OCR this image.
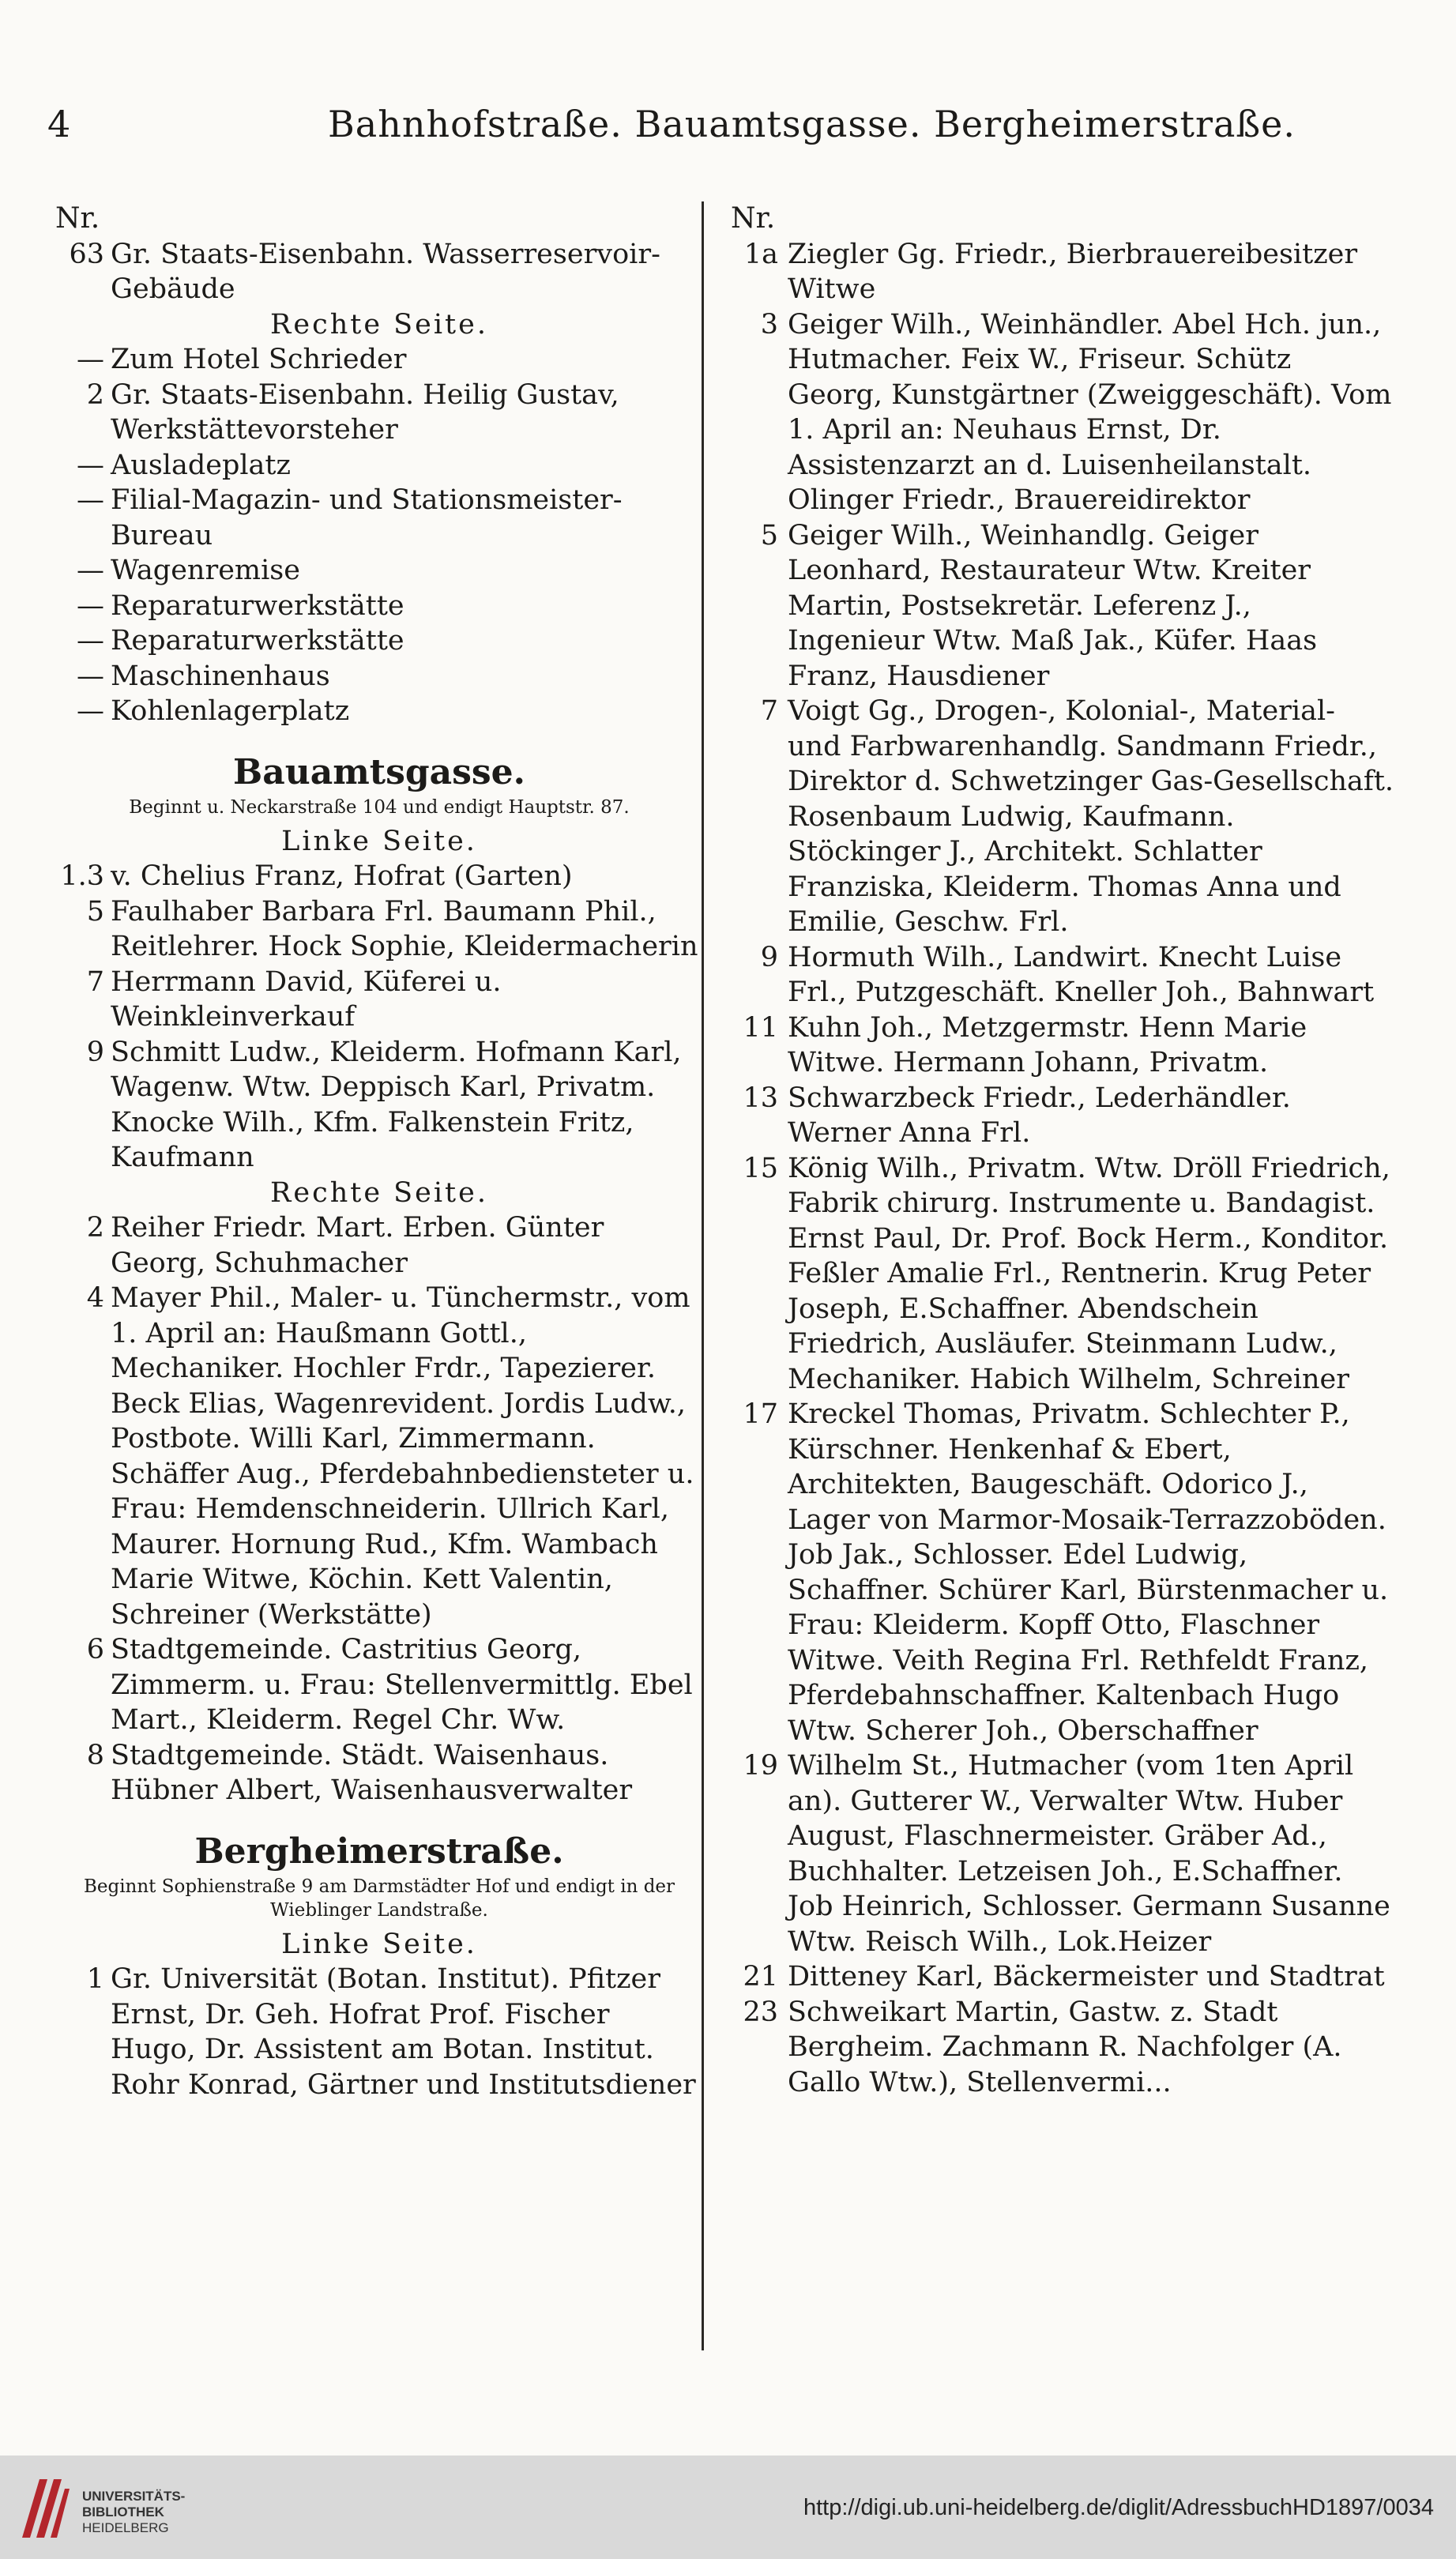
4	Bahnhofstraße. Bauamtsgasse. Bergheimerstraße.
Nr.
63 Gr. Staats-Eisenbahn. Wasserreservoir-Gebäude
Rechte Seite.
— Zum Hotel Schrieder
2 Gr. Staats-Eisenbahn. Heilig Gustav, Werkstättevorsteher
— Ausladeplatz
— Filial-Magazin- und Stationsmeister-Bureau
— Wagenremise
— Reparaturwerkstätte
— Reparaturwerkstätte
— Maschinenhaus
— Kohlenlagerplatz
Bauamtsgasse.
Beginnt u. Neckarstraße 104 und endigt Hauptstr. 87.
Linke Seite.
1.3 v. Chelius Franz, Hofrat (Garten)
5 Faulhaber Barbara Frl. Baumann Phil., Reitlehrer. Hock Sophie, Kleidermacherin
7 Herrmann David, Küferei u. Weinkleinverkauf
9 Schmitt Ludw., Kleiderm. Hofmann Karl, Wagenw. Wtw. Deppisch Karl, Privatm. Knocke Wilh., Kfm. Falkenstein Fritz, Kaufmann
Rechte Seite.
2 Reiher Friedr. Mart. Erben. Günter Georg, Schuhmacher
4 Mayer Phil., Maler- u. Tünchermstr., vom 1. April an: Haußmann Gottl., Mechaniker. Hochler Frdr., Tapezierer. Beck Elias, Wagenrevident. Jordis Ludw., Postbote. Willi Karl, Zimmermann. Schäffer Aug., Pferdebahnbediensteter u. Frau: Hemdenschneiderin. Ullrich Karl, Maurer. Hornung Rud., Kfm. Wambach Marie Witwe, Köchin. Kett Valentin, Schreiner (Werkstätte)
6 Stadtgemeinde. Castritius Georg, Zimmerm. u. Frau: Stellenvermittlg. Ebel Mart., Kleiderm. Regel Chr. Ww.
8 Stadtgemeinde. Städt. Waisenhaus. Hübner Albert, Waisenhausverwalter
Bergheimerstraße.
Beginnt Sophienstraße 9 am Darmstädter Hof und endigt in der Wieblinger Landstraße.
Linke Seite.
1 Gr. Universität (Botan. Institut). Pfitzer Ernst, Dr. Geh. Hofrat Prof. Fischer Hugo, Dr. Assistent am Botan. Institut. Rohr Konrad, Gärtner und Institutsdiener
Nr.
1a Ziegler Gg. Friedr., Bierbrauereibesitzer Witwe
3 Geiger Wilh., Weinhändler. Abel Hch. jun., Hutmacher. Feix W., Friseur. Schütz Georg, Kunstgärtner (Zweiggeschäft). Vom 1. April an: Neuhaus Ernst, Dr. Assistenzarzt an d. Luisenheilanstalt. Olinger Friedr., Brauereidirektor
5 Geiger Wilh., Weinhandlg. Geiger Leonhard, Restaurateur Wtw. Kreiter Martin, Postsekretär. Leferenz J., Ingenieur Wtw. Maß Jak., Küfer. Haas Franz, Hausdiener
7 Voigt Gg., Drogen-, Kolonial-, Material- und Farbwarenhandlg. Sandmann Friedr., Direktor d. Schwetzinger Gas-Gesellschaft. Rosenbaum Ludwig, Kaufmann. Stöckinger J., Architekt. Schlatter Franziska, Kleiderm. Thomas Anna und Emilie, Geschw. Frl.
9 Hormuth Wilh., Landwirt. Knecht Luise Frl., Putzgeschäft. Kneller Joh., Bahnwart
11 Kuhn Joh., Metzgermstr. Henn Marie Witwe. Hermann Johann, Privatm.
13 Schwarzbeck Friedr., Lederhändler. Werner Anna Frl.
15 König Wilh., Privatm. Wtw. Dröll Friedrich, Fabrik chirurg. Instrumente u. Bandagist. Ernst Paul, Dr. Prof. Bock Herm., Konditor. Feßler Amalie Frl., Rentnerin. Krug Peter Joseph, E.Schaffner. Abendschein Friedrich, Ausläufer. Steinmann Ludw., Mechaniker. Habich Wilhelm, Schreiner
17 Kreckel Thomas, Privatm. Schlechter P., Kürschner. Henkenhaf & Ebert, Architekten, Baugeschäft. Odorico J., Lager von Marmor-Mosaik-Terrazzoböden. Job Jak., Schlosser. Edel Ludwig, Schaffner. Schürer Karl, Bürstenmacher u. Frau: Kleiderm. Kopff Otto, Flaschner Witwe. Veith Regina Frl. Rethfeldt Franz, Pferdebahnschaffner. Kaltenbach Hugo Wtw. Scherer Joh., Oberschaffner
19 Wilhelm St., Hutmacher (vom 1ten April an). Gutterer W., Verwalter Wtw. Huber August, Flaschnermeister. Gräber Ad., Buchhalter. Letzeisen Joh., E.Schaffner. Job Heinrich, Schlosser. Germann Susanne Wtw. Reisch Wilh., Lok.Heizer
21 Ditteney Karl, Bäckermeister und Stadtrat
23 Schweikart Martin, Gastw. z. Stadt Bergheim. Zachmann R. Nachfolger (A. Gallo Wtw.), Stellenvermi...
UNIVERSITÄTS-
BIBLIOTHEK
HEIDELBERG
http://digi.ub.uni-heidelberg.de/diglit/AdressbuchHD1897/0034
